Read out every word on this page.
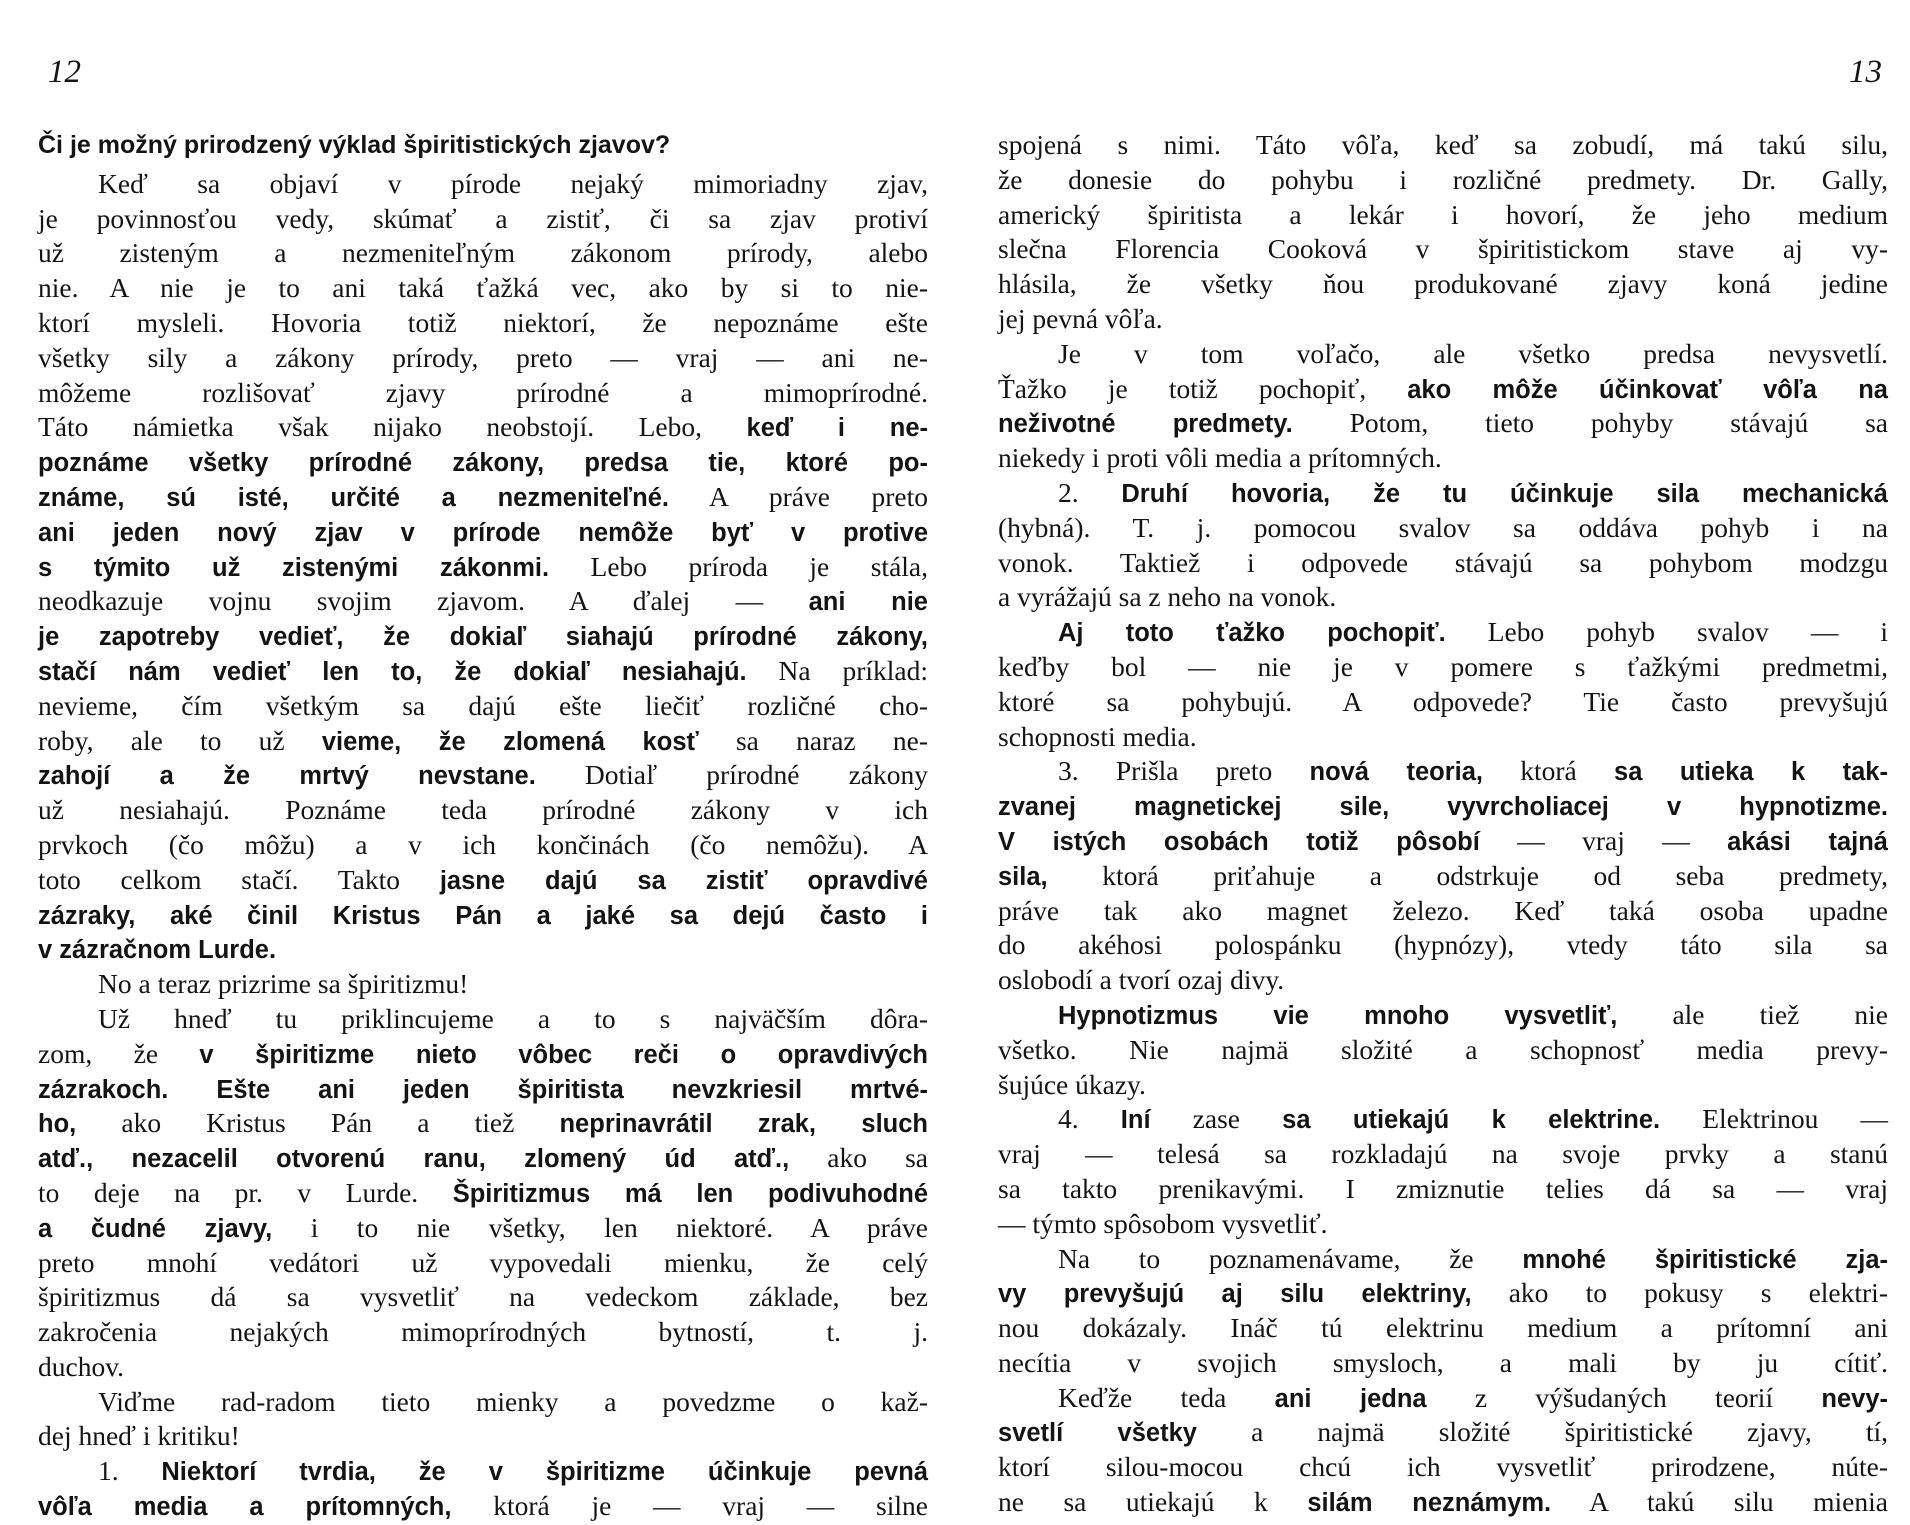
12
Či je možný prirodzený výklad špiritistických zjavov?
Keď sa objaví v pírode nejaký mimoriadny zjav,
je povinnosťou vedy, skúmať a zistiť, či sa zjav protiví
už zisteným a nezmeniteľným zákonom prírody, alebo
nie. A nie je to ani taká ťažká vec, ako by si to nie-
ktorí mysleli. Hovoria totiž niektorí, že nepoznáme ešte
všetky sily a zákony prírody, preto — vraj — ani ne-
môžeme rozlišovať zjavy prírodné a mimoprírodné.
Táto námietka však nijako neobstojí. Lebo, keď i ne-
poznáme všetky prírodné zákony, predsa tie, ktoré po-
známe, sú isté, určité a nezmeniteľné. A práve preto
ani jeden nový zjav v prírode nemôže byť v protive
s týmito už zistenými zákonmi. Lebo príroda je stála,
neodkazuje vojnu svojim zjavom. A ďalej — ani nie
je zapotreby vedieť, že dokiaľ siahajú prírodné zákony,
stačí nám vedieť len to, že dokiaľ nesiahajú. Na príklad:
nevieme, čím všetkým sa dajú ešte liečiť rozličné cho-
roby, ale to už vieme, že zlomená kosť sa naraz ne-
zahojí a že mrtvý nevstane. Dotiaľ prírodné zákony
už nesiahajú. Poznáme teda prírodné zákony v ich
prvkoch (čo môžu) a v ich končinách (čo nemôžu). A
toto celkom stačí. Takto jasne dajú sa zistiť opravdivé
zázraky, aké činil Kristus Pán a jaké sa dejú často i
v zázračnom Lurde.
No a teraz prizrime sa špiritizmu!
Už hneď tu priklincujeme a to s najväčším dôra-
zom, že v špiritizme nieto vôbec reči o opravdivých
zázrakoch. Ešte ani jeden špiritista nevzkriesil mrtvé-
ho, ako Kristus Pán a tiež neprinavrátil zrak, sluch
atď., nezacelil otvorenú ranu, zlomený úd atď., ako sa
to deje na pr. v Lurde. Špiritizmus má len podivuhodné
a čudné zjavy, i to nie všetky, len niektoré. A práve
preto mnohí vedátori už vypovedali mienku, že celý
špiritizmus dá sa vysvetliť na vedeckom základe, bez
zakročenia nejakých mimoprírodných bytností, t. j.
duchov.
Viďme rad-radom tieto mienky a povedzme o kaž-
dej hneď i kritiku!
1. Niektorí tvrdia, že v špiritizme účinkuje pevná
vôľa media a prítomných, ktorá je — vraj — silne
13
spojená s nimi. Táto vôľa, keď sa zobudí, má takú silu,
že donesie do pohybu i rozličné predmety. Dr. Gally,
americký špiritista a lekár i hovorí, že jeho medium
slečna Florencia Cooková v špiritistickom stave aj vy-
hlásila, že všetky ňou produkované zjavy koná jedine
jej pevná vôľa.
Je v tom voľačo, ale všetko predsa nevysvetlí.
Ťažko je totiž pochopiť, ako môže účinkovať vôľa na
neživotné predmety. Potom, tieto pohyby stávajú sa
niekedy i proti vôli media a prítomných.
2. Druhí hovoria, že tu účinkuje sila mechanická
(hybná). T. j. pomocou svalov sa oddáva pohyb i na
vonok. Taktiež i odpovede stávajú sa pohybom modzgu
a vyrážajú sa z neho na vonok.
Aj toto ťažko pochopiť. Lebo pohyb svalov — i
keďby bol — nie je v pomere s ťažkými predmetmi,
ktoré sa pohybujú. A odpovede? Tie často prevyšujú
schopnosti media.
3. Prišla preto nová teoria, ktorá sa utieka k tak-
zvanej magnetickej sile, vyvrcholiacej v hypnotizme.
V istých osobách totiž pôsobí — vraj — akási tajná
sila, ktorá priťahuje a odstrkuje od seba predmety,
práve tak ako magnet železo. Keď taká osoba upadne
do akéhosi polospánku (hypnózy), vtedy táto sila sa
oslobodí a tvorí ozaj divy.
Hypnotizmus vie mnoho vysvetliť, ale tiež nie
všetko. Nie najmä složité a schopnosť media prevy-
šujúce úkazy.
4. Iní zase sa utiekajú k elektrine. Elektrinou —
vraj — telesá sa rozkladajú na svoje prvky a stanú
sa takto prenikavými. I zmiznutie telies dá sa — vraj
— týmto spôsobom vysvetliť.
Na to poznamenávame, že mnohé špiritistické zja-
vy prevyšujú aj silu elektriny, ako to pokusy s elektri-
nou dokázaly. Ináč tú elektrinu medium a prítomní ani
necítia v svojich smysloch, a mali by ju cítiť.
Keďže teda ani jedna z výšudaných teorií nevy-
svetlí všetky a najmä složité špiritistické zjavy, tí,
ktorí silou-mocou chcú ich vysvetliť prirodzene, núte-
ne sa utiekajú k silám neznámym. A takú silu mienia
